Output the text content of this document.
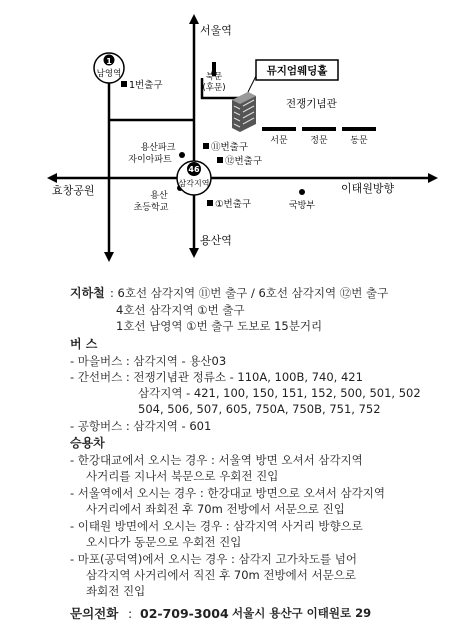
1
남영역
46
삼각지역
서울역
용산역
효창공원	이태원방향
1번출구
⑪번출구
⑫번출구
①번출구
뮤지엄웨딩홀
북문
(후문)
전쟁기념관
서문	정문	동문
용산파크
자이아파트
용산
초등학교	국방부
지하철 : 6호선 삼각지역 ⑪번 출구 / 6호선 삼각지역 ⑫번 출구
4호선 삼각지역 ①번 출구
1호선 남영역 ①번 출구 도보로 15분거리
버 스
- 마을버스 : 삼각지역 - 용산03
- 간선버스 : 전쟁기념관 정류소 - 110A, 100B, 740, 421
삼각지역 - 421, 100, 150, 151, 152, 500, 501, 502
504, 506, 507, 605, 750A, 750B, 751, 752
- 공항버스 : 삼각지역 - 601
승용차
- 한강대교에서 오시는 경우 : 서울역 방면 오셔서 삼각지역
사거리를 지나서 북문으로 우회전 진입
- 서울역에서 오시는 경우 : 한강대교 방면으로 오셔서 삼각지역
사거리에서 좌회전 후 70m 전방에서 서문으로 진입
- 이태원 방면에서 오시는 경우 : 삼각지역 사거리 방향으로
오시다가 동문으로 우회전 진입
- 마포(공덕역)에서 오시는 경우 : 삼각지 고가차도를 넘어
삼각지역 사거리에서 직진 후 70m 전방에서 서문으로
좌회전 진입
문의전화 : 02-709-3004 서울시 용산구 이태원로 29
